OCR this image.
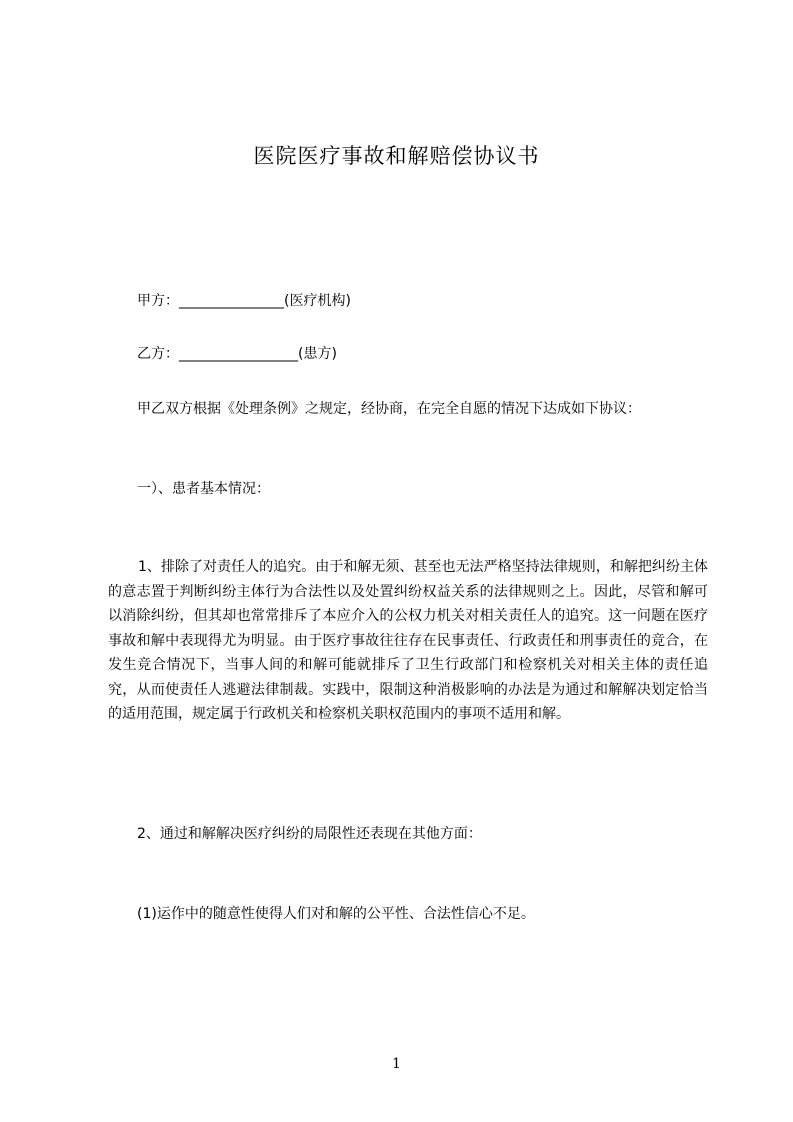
医院医疗事故和解赔偿协议书
甲方：_______________(医疗机构)
乙方：_________________(患方)
甲乙双方根据《处理条例》之规定，经协商，在完全自愿的情况下达成如下协议：
一）、患者基本情况：
1、排除了对责任人的追究。由于和解无须、甚至也无法严格坚持法律规则，和解把纠纷主体的意志置于判断纠纷主体行为合法性以及处置纠纷权益关系的法律规则之上。因此，尽管和解可以消除纠纷，但其却也常常排斥了本应介入的公权力机关对相关责任人的追究。这一问题在医疗事故和解中表现得尤为明显。由于医疗事故往往存在民事责任、行政责任和刑事责任的竞合，在发生竞合情况下，当事人间的和解可能就排斥了卫生行政部门和检察机关对相关主体的责任追究，从而使责任人逃避法律制裁。实践中，限制这种消极影响的办法是为通过和解解决划定恰当的适用范围，规定属于行政机关和检察机关职权范围内的事项不适用和解。
2、通过和解解决医疗纠纷的局限性还表现在其他方面：
(1)运作中的随意性使得人们对和解的公平性、合法性信心不足。
1
